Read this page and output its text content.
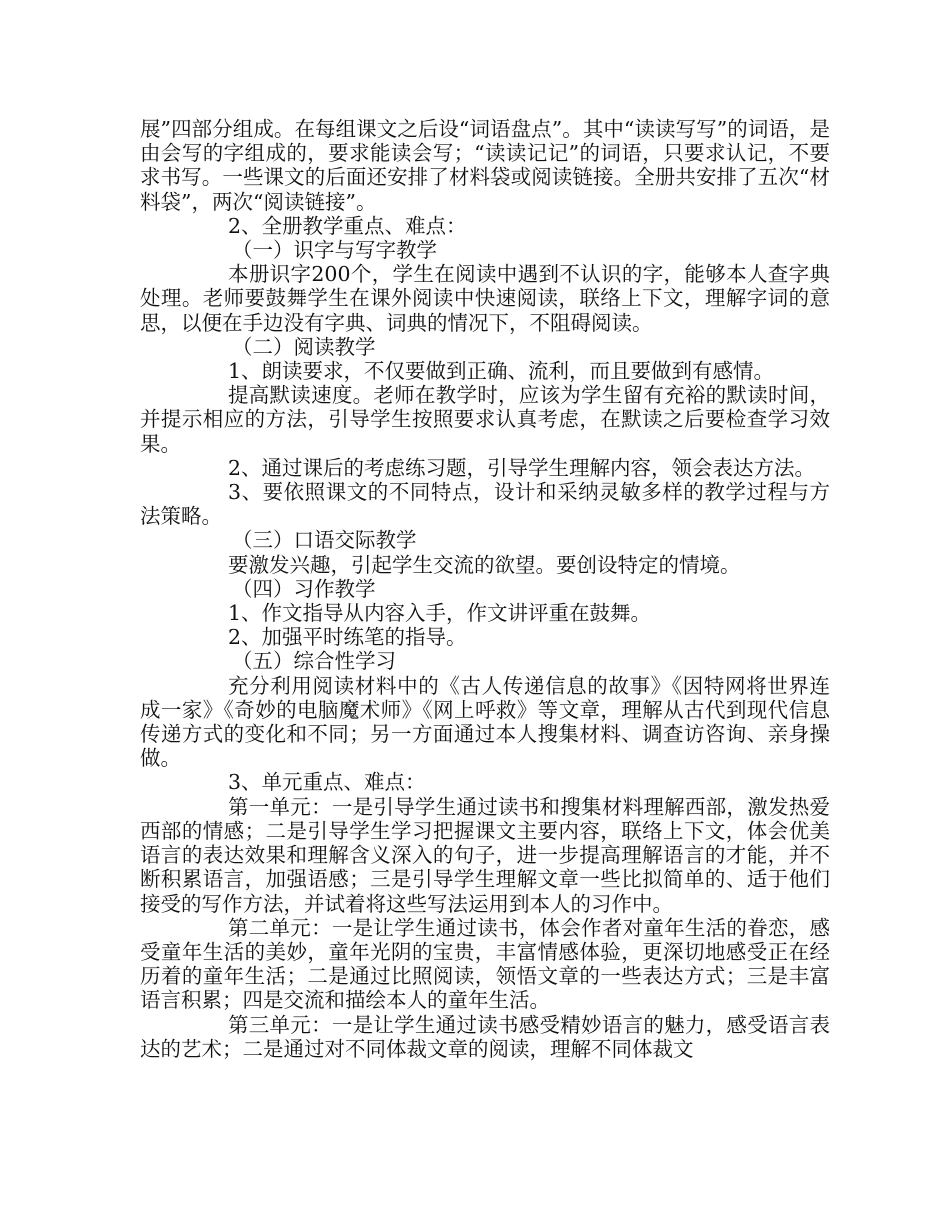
展”四部分组成。在每组课文之后设“词语盘点”。其中“读读写写”的词语，是由会写的字组成的，要求能读会写；“读读记记”的词语，只要求认记，不要求书写。一些课文的后面还安排了材料袋或阅读链接。全册共安排了五次“材料袋”，两次“阅读链接”。

2、全册教学重点、难点：

（一）识字与写字教学

本册识字200个，学生在阅读中遇到不认识的字，能够本人查字典处理。老师要鼓舞学生在课外阅读中快速阅读，联络上下文，理解字词的意思，以便在手边没有字典、词典的情况下，不阻碍阅读。

（二）阅读教学

1、朗读要求，不仅要做到正确、流利，而且要做到有感情。

提高默读速度。老师在教学时，应该为学生留有充裕的默读时间，并提示相应的方法，引导学生按照要求认真考虑，在默读之后要检查学习效果。

2、通过课后的考虑练习题，引导学生理解内容，领会表达方法。

3、要依照课文的不同特点，设计和采纳灵敏多样的教学过程与方法策略。

（三）口语交际教学

要激发兴趣，引起学生交流的欲望。要创设特定的情境。

（四）习作教学

1、作文指导从内容入手，作文讲评重在鼓舞。

2、加强平时练笔的指导。

（五）综合性学习

充分利用阅读材料中的《古人传递信息的故事》《因特网将世界连成一家》《奇妙的电脑魔术师》《网上呼救》等文章，理解从古代到现代信息传递方式的变化和不同；另一方面通过本人搜集材料、调查访咨询、亲身操做。

3、单元重点、难点：

第一单元：一是引导学生通过读书和搜集材料理解西部，激发热爱西部的情感；二是引导学生学习把握课文主要内容，联络上下文，体会优美语言的表达效果和理解含义深入的句子，进一步提高理解语言的才能，并不断积累语言，加强语感；三是引导学生理解文章一些比拟简单的、适于他们接受的写作方法，并试着将这些写法运用到本人的习作中。

第二单元：一是让学生通过读书，体会作者对童年生活的眷恋，感受童年生活的美妙，童年光阴的宝贵，丰富情感体验，更深切地感受正在经历着的童年生活；二是通过比照阅读，领悟文章的一些表达方式；三是丰富语言积累；四是交流和描绘本人的童年生活。

第三单元：一是让学生通过读书感受精妙语言的魅力，感受语言表达的艺术；二是通过对不同体裁文章的阅读，理解不同体裁文
